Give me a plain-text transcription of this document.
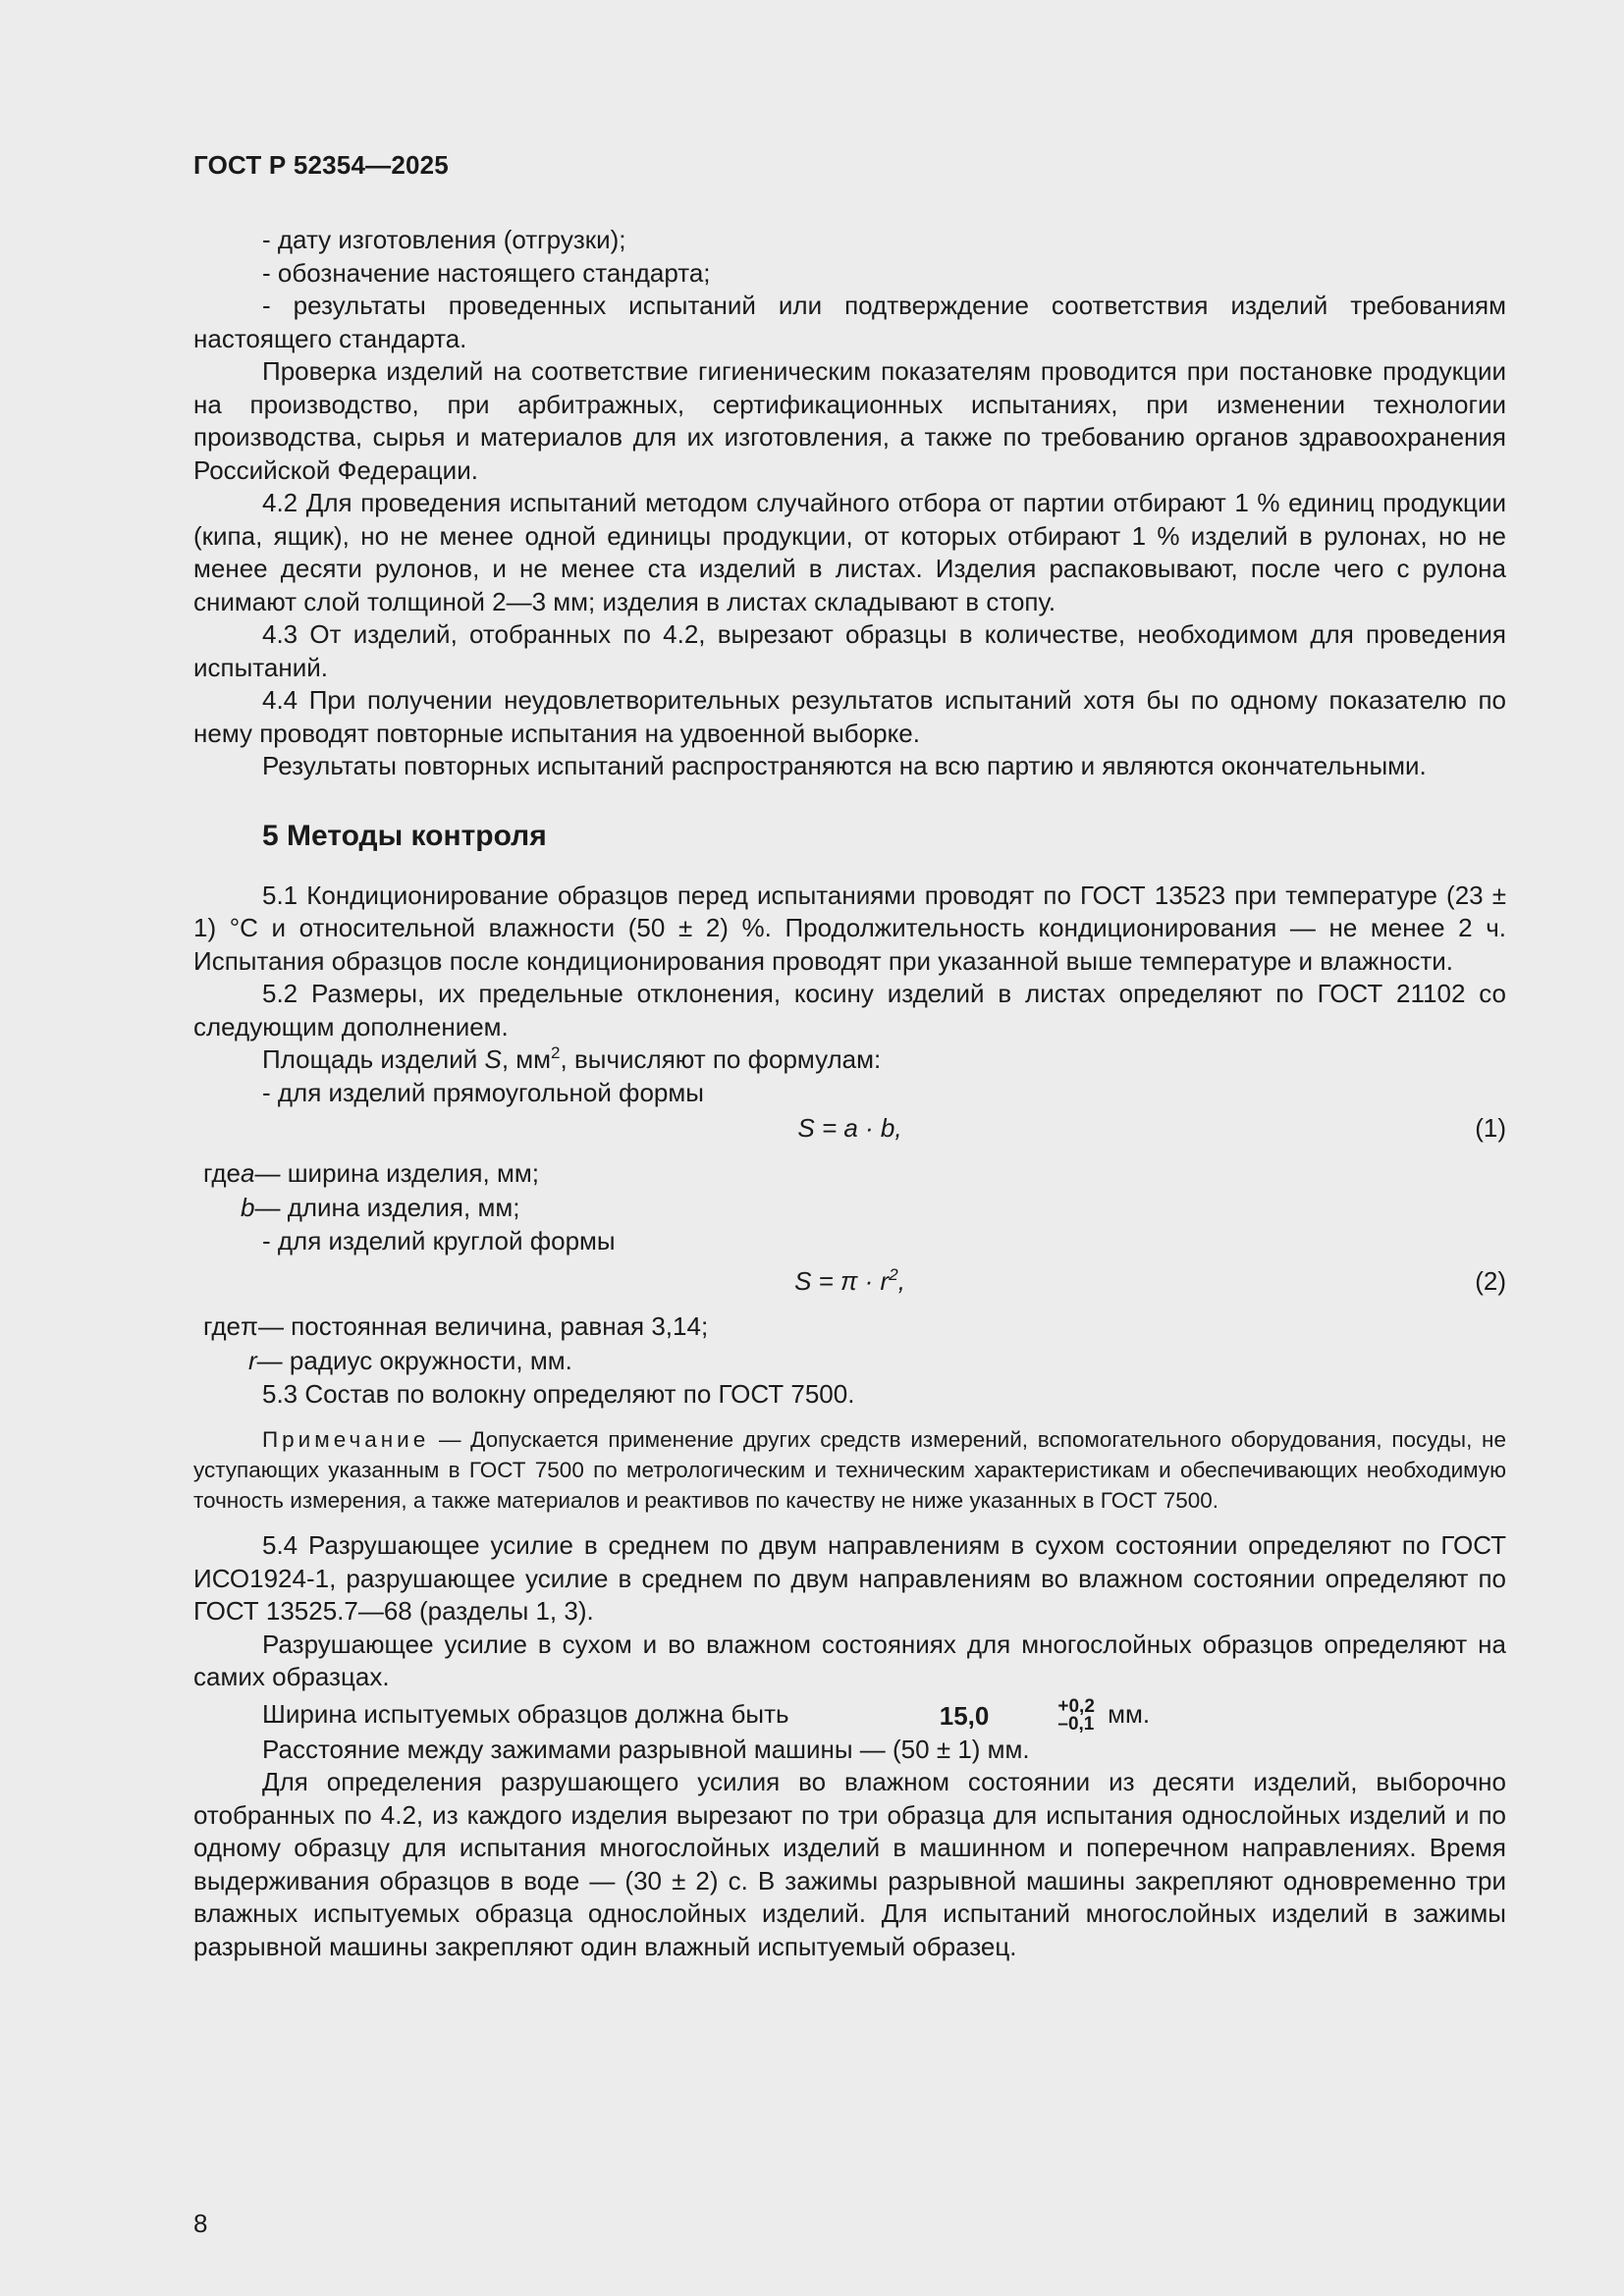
ГОСТ Р 52354—2025

- дату изготовления (отгрузки);

- обозначение настоящего стандарта;

- результаты проведенных испытаний или подтверждение соответствия изделий требованиям настоящего стандарта.

Проверка изделий на соответствие гигиеническим показателям проводится при постановке продукции на производство, при арбитражных, сертификационных испытаниях, при изменении технологии производства, сырья и материалов для их изготовления, а также по требованию органов здравоохранения Российской Федерации.

4.2 Для проведения испытаний методом случайного отбора от партии отбирают 1 % единиц продукции (кипа, ящик), но не менее одной единицы продукции, от которых отбирают 1 % изделий в рулонах, но не менее десяти рулонов, и не менее ста изделий в листах. Изделия распаковывают, после чего с рулона снимают слой толщиной 2—3 мм; изделия в листах складывают в стопу.

4.3 От изделий, отобранных по 4.2, вырезают образцы в количестве, необходимом для проведения испытаний.

4.4 При получении неудовлетворительных результатов испытаний хотя бы по одному показателю по нему проводят повторные испытания на удвоенной выборке.

Результаты повторных испытаний распространяются на всю партию и являются окончательными.

5 Методы контроля

5.1 Кондиционирование образцов перед испытаниями проводят по ГОСТ 13523 при температуре (23 ± 1) °С и относительной влажности (50 ± 2) %. Продолжительность кондиционирования — не менее 2 ч. Испытания образцов после кондиционирования проводят при указанной выше температуре и влажности.

5.2 Размеры, их предельные отклонения, косину изделий в листах определяют по ГОСТ 21102 со следующим дополнением.

Площадь изделий S, $мм^2$, вычисляют по формулам:

- для изделий прямоугольной формы

S = a · b,	(1)
где a — ширина изделия, мм;
b — длина изделия, мм;

- для изделий круглой формы

$S = \pi \cdot r^2$,	(2)
где π — постоянная величина, равная 3,14;
r — радиус окружности, мм.

5.3 Состав по волокну определяют по ГОСТ 7500.

Примечание — Допускается применение других средств измерений, вспомогательного оборудования, посуды, не уступающих указанным в ГОСТ 7500 по метрологическим и техническим характеристикам и обеспечивающих необходимую точность измерения, а также материалов и реактивов по качеству не ниже указанных в ГОСТ 7500.

5.4 Разрушающее усилие в среднем по двум направлениям в сухом состоянии определяют по ГОСТ ИСО1924-1, разрушающее усилие в среднем по двум направлениям во влажном состоянии определяют по ГОСТ 13525.7—68 (разделы 1, 3).

Разрушающее усилие в сухом и во влажном состояниях для многослойных образцов определяют на самих образцах.

Ширина испытуемых образцов должна быть	15,0	+0,2
–0,1 мм.

Расстояние между зажимами разрывной машины — (50 ± 1) мм.

Для определения разрушающего усилия во влажном состоянии из десяти изделий, выборочно отобранных по 4.2, из каждого изделия вырезают по три образца для испытания однослойных изделий и по одному образцу для испытания многослойных изделий в машинном и поперечном направлениях. Время выдерживания образцов в воде — (30 ± 2) с. В зажимы разрывной машины закрепляют одновременно три влажных испытуемых образца однослойных изделий. Для испытаний многослойных изделий в зажимы разрывной машины закрепляют один влажный испытуемый образец.

8
